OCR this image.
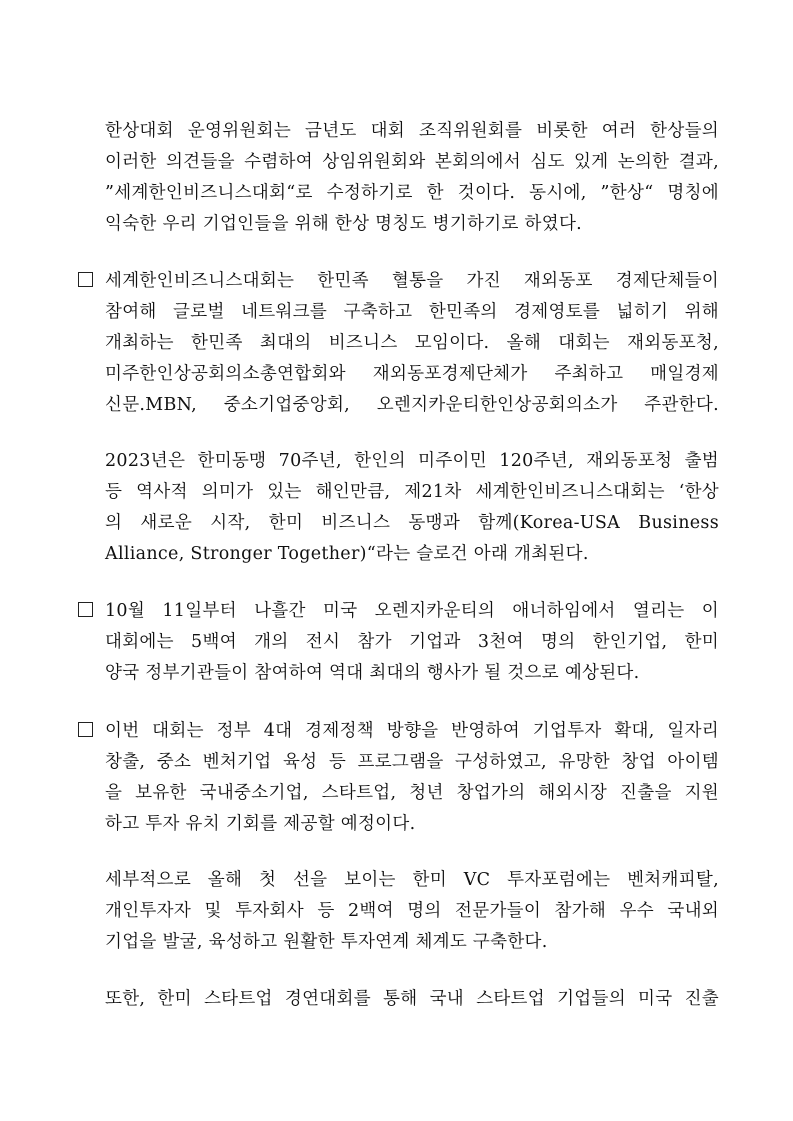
한상대회 운영위원회는 금년도 대회 조직위원회를 비롯한 여러 한상들의
이러한 의견들을 수렴하여 상임위원회와 본회의에서 심도 있게 논의한 결과,
”세계한인비즈니스대회“로 수정하기로 한 것이다. 동시에, ”한상“ 명칭에
익숙한 우리 기업인들을 위해 한상 명칭도 병기하기로 하였다.
세계한인비즈니스대회는 한민족 혈통을 가진 재외동포 경제단체들이
참여해 글로벌 네트워크를 구축하고 한민족의 경제영토를 넓히기 위해
개최하는 한민족 최대의 비즈니스 모임이다. 올해 대회는 재외동포청,
미주한인상공회의소총연합회와 재외동포경제단체가 주최하고 매일경제
신문.MBN, 중소기업중앙회, 오렌지카운티한인상공회의소가 주관한다.
2023년은 한미동맹 70주년, 한인의 미주이민 120주년, 재외동포청 출범
등 역사적 의미가 있는 해인만큼, 제21차 세계한인비즈니스대회는 ‘한상
의 새로운 시작, 한미 비즈니스 동맹과 함께(Korea-USA Business
Alliance, Stronger Together)“라는 슬로건 아래 개최된다.
10월 11일부터 나흘간 미국 오렌지카운티의 애너하임에서 열리는 이
대회에는 5백여 개의 전시 참가 기업과 3천여 명의 한인기업, 한미
양국 정부기관들이 참여하여 역대 최대의 행사가 될 것으로 예상된다.
이번 대회는 정부 4대 경제정책 방향을 반영하여 기업투자 확대, 일자리
창출, 중소 벤처기업 육성 등 프로그램을 구성하였고, 유망한 창업 아이템
을 보유한 국내중소기업, 스타트업, 청년 창업가의 해외시장 진출을 지원
하고 투자 유치 기회를 제공할 예정이다.
세부적으로 올해 첫 선을 보이는 한미 VC 투자포럼에는 벤처캐피탈,
개인투자자 및 투자회사 등 2백여 명의 전문가들이 참가해 우수 국내외
기업을 발굴, 육성하고 원활한 투자연계 체계도 구축한다.
또한, 한미 스타트업 경연대회를 통해 국내 스타트업 기업들의 미국 진출
